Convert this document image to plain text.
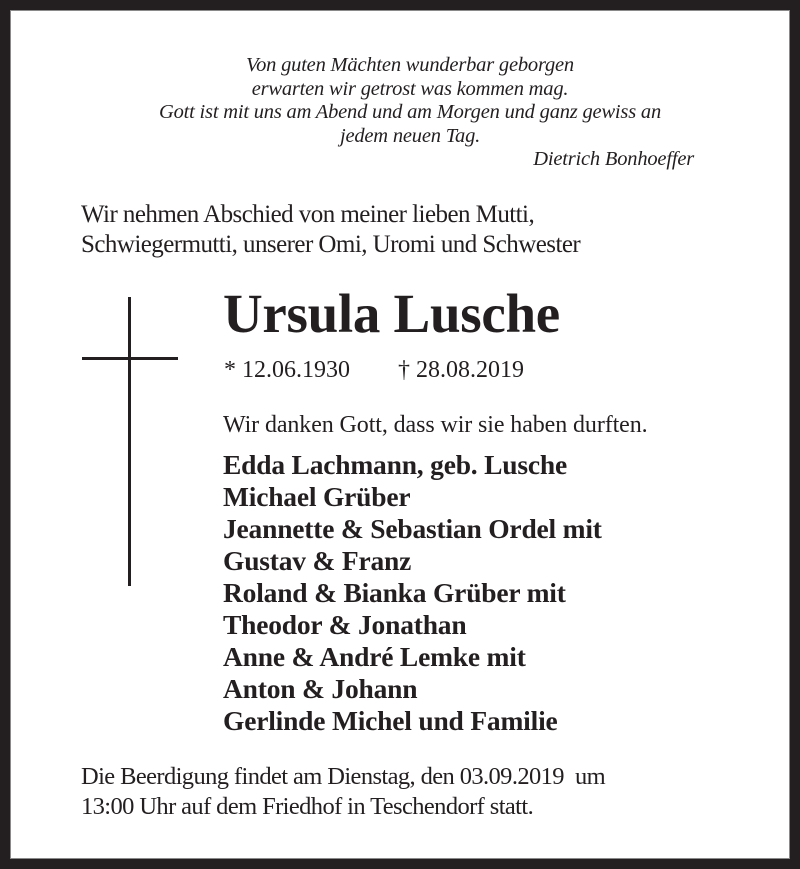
Von guten Mächten wunderbar geborgen
erwarten wir getrost was kommen mag.
Gott ist mit uns am Abend und am Morgen und ganz gewiss an
jedem neuen Tag.
Dietrich Bonhoeffer
Wir nehmen Abschied von meiner lieben Mutti,
Schwiegermutti, unserer Omi, Uromi und Schwester
Ursula Lusche
* 12.06.1930 † 28.08.2019
Wir danken Gott, dass wir sie haben durften.
Edda Lachmann, geb. Lusche
Michael Grüber
Jeannette & Sebastian Ordel mit
Gustav & Franz
Roland & Bianka Grüber mit
Theodor & Jonathan
Anne & André Lemke mit
Anton & Johann
Gerlinde Michel und Familie
Die Beerdigung findet am Dienstag, den 03.09.2019  um
13:00 Uhr auf dem Friedhof in Teschendorf statt.
